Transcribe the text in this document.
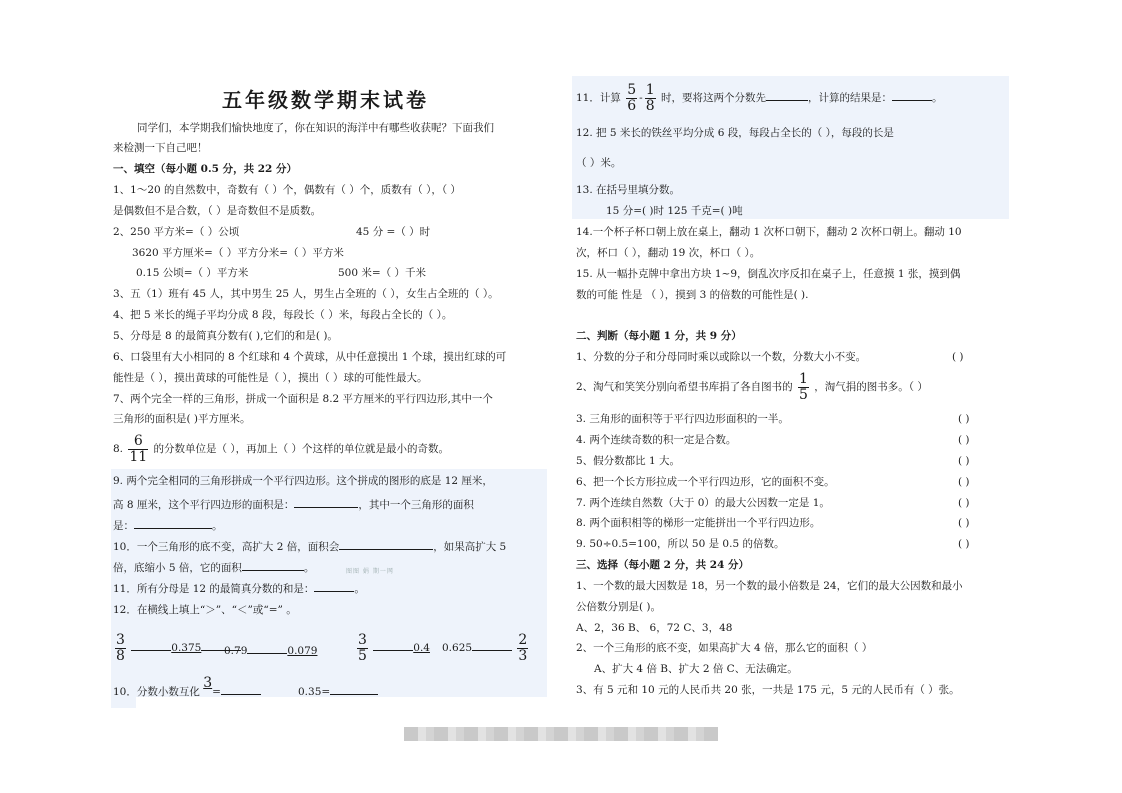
五年级数学期末试卷
同学们，本学期我们愉快地度了，你在知识的海洋中有哪些收获呢？下面我们
来检测一下自己吧！
一、填空（每小题 0.5 分，共 22 分）
1、1～20 的自然数中，奇数有（ ）个，偶数有（ ）个，质数有（ ），（ ）
是偶数但不是合数，（ ）是奇数但不是质数。
2、250 平方米=（ ）公顷	45 分 =（ ）时
3620 平方厘米=（ ）平方分米=（ ）平方米
0.15 公顷=（ ）平方米	500 米=（ ）千米
3、五（1）班有 45 人，其中男生 25 人，男生占全班的（ ），女生占全班的（ ）。
4、把 5 米长的绳子平均分成 8 段，每段长（ ）米，每段占全长的（ ）。
5、分母是 8 的最简真分数有( ),它们的和是( )。
6、口袋里有大小相同的 8 个红球和 4 个黄球，从中任意摸出 1 个球，摸出红球的可
能性是（ ），摸出黄球的可能性是（ ），摸出（ ）球的可能性最大。
7、两个完全一样的三角形，拼成一个面积是 8.2 平方厘米的平行四边形,其中一个
三角形的面积是( )平方厘米。
8. $\frac{6}{11}$ 的分数单位是（ ），再加上（ ）个这样的单位就是最小的奇数。
9. 两个完全相同的三角形拼成一个平行四边形。这个拼成的图形的底是 12 厘米，
高 8 厘米，这个平行四边形的面积是：	，其中一个三角形的面积
是：	。
10．一个三角形的底不变，高扩大 2 倍，面积会	，如果高扩大 5
倍，底缩小 5 倍，它的面积	。	图图 娟 期一网
11．所有分母是 12 的最简真分数的和是：	。
12．在横线上填上“＞”、“＜”或“=” 。
$\frac{3}{8}$	0.375	0.79	0.079	$\frac{3}{5}$	0.4 0.625	$\frac{2}{3}$
10．分数小数互化 3=	0.35=
11．计算 $\frac{5}{6} - \frac{1}{8}$ 时，要将这两个分数先	，计算的结果是：	。
12. 把 5 米长的铁丝平均分成 6 段，每段占全长的（ ），每段的长是
（ ）米。
13. 在括号里填分数。
15 分=( )时 125 千克=( )吨
14.一个杯子杯口朝上放在桌上，翻动 1 次杯口朝下，翻动 2 次杯口朝上。翻动 10
次，杯口（ ），翻动 19 次，杯口（ ）。
15. 从一幅扑克牌中拿出方块 1~9，倒乱次序反扣在桌子上，任意摸 1 张，摸到偶
数的可能 性是 （ ），摸到 3 的倍数的可能性是( ).
二、判断（每小题 1 分，共 9 分）
1、分数的分子和分母同时乘以或除以一个数，分数大小不变。	( )
2、淘气和笑笑分别向希望书库捐了各自图书的 $\frac{1}{5}$ ，淘气捐的图书多。（ ）
3. 三角形的面积等于平行四边形面积的一半。	( )
4. 两个连续奇数的积一定是合数。	( )
5、假分数都比 1 大。	( )
6、把一个长方形拉成一个平行四边形，它的面积不变。	( )
7. 两个连续自然数（大于 0）的最大公因数一定是 1。	( )
8. 两个面积相等的梯形一定能拼出一个平行四边形。	( )
9. 50÷0.5=100，所以 50 是 0.5 的倍数。	( )
三、选择（每小题 2 分，共 24 分）
1、一个数的最大因数是 18，另一个数的最小倍数是 24，它们的最大公因数和最小
公倍数分别是( )。
A、2，36 B、 6，72 C、3，48
2、一个三角形的底不变，如果高扩大 4 倍，那么它的面积（ ）
A、扩大 4 倍 B、扩大 2 倍 C、无法确定。
3、有 5 元和 10 元的人民币共 20 张，一共是 175 元，5 元的人民币有（ ）张。
